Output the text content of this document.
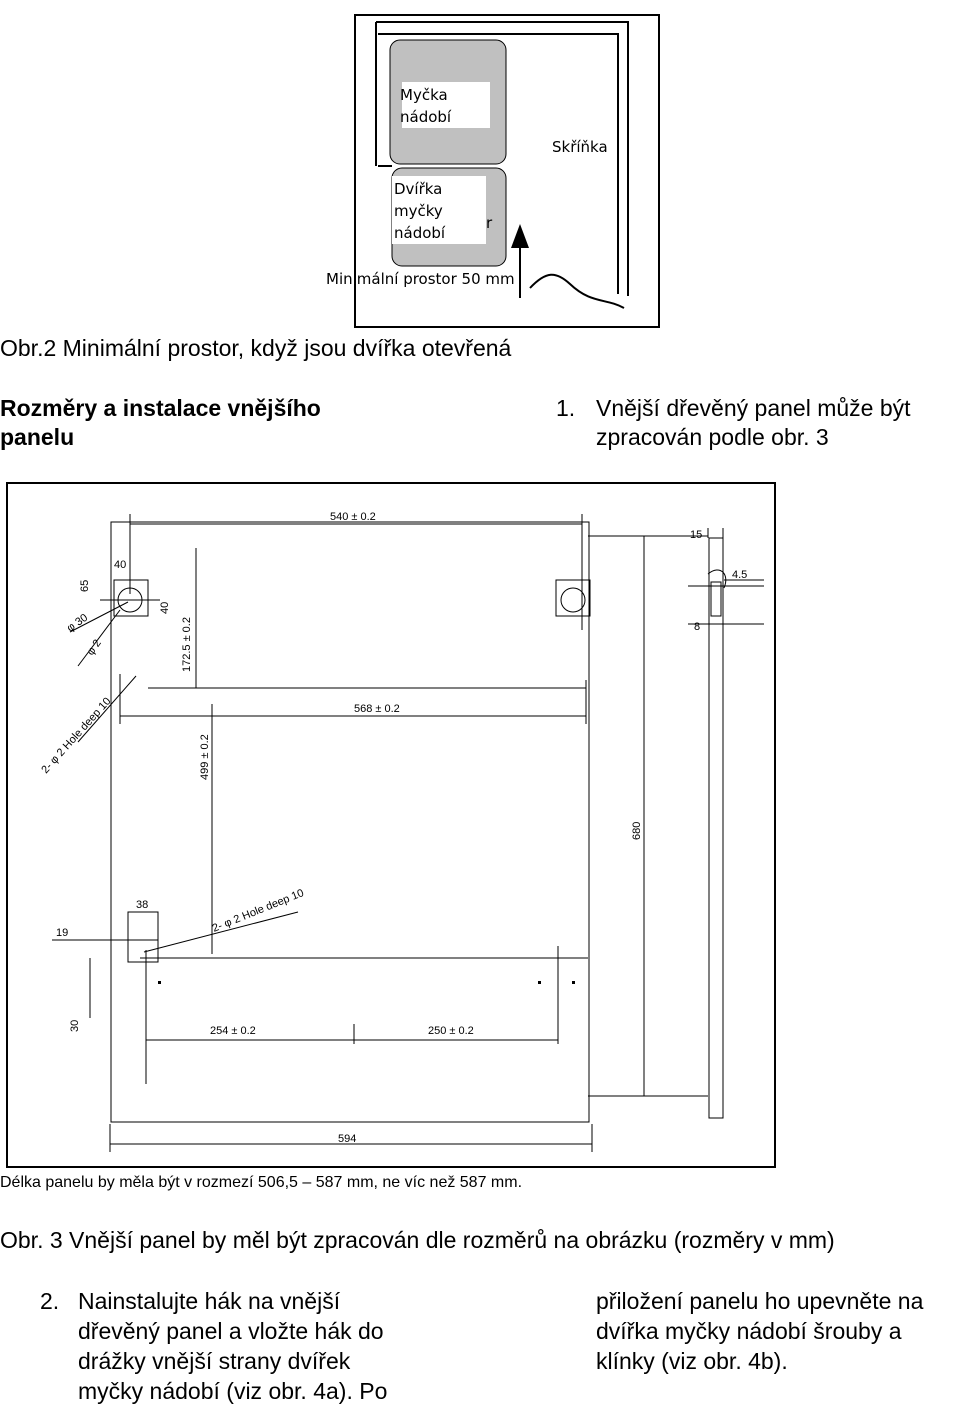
Myčka
nádobí
Skříňka
Dvířka
myčky
nádobí
r
Minimální prostor 50 mm
Obr.2 Minimální prostor, když jsou dvířka otevřená
Rozměry a instalace vnějšího
panelu
1. Vnější dřevěný panel může být
zpracován podle obr. 3
540 ± 0.2
15
4.5
8
40
65
40
φ 30
φ 2	172.5 ± 0.2
2- φ 2 Hole deep 10	568 ± 0.2
499 ± 0.2
680
38
19	2- φ 2 Hole deep 10
30	254 ± 0.2	250 ± 0.2
594
Délka panelu by měla být v rozmezí 506,5 – 587 mm, ne víc než 587 mm.
Obr. 3 Vnější panel by měl být zpracován dle rozměrů na obrázku (rozměry v mm)
2. Nainstalujte hák na vnější
dřevěný panel a vložte hák do
drážky vnější strany dvířek
myčky nádobí (viz obr. 4a). Po
přiložení panelu ho upevněte na
dvířka myčky nádobí šrouby a
klínky (viz obr. 4b).
